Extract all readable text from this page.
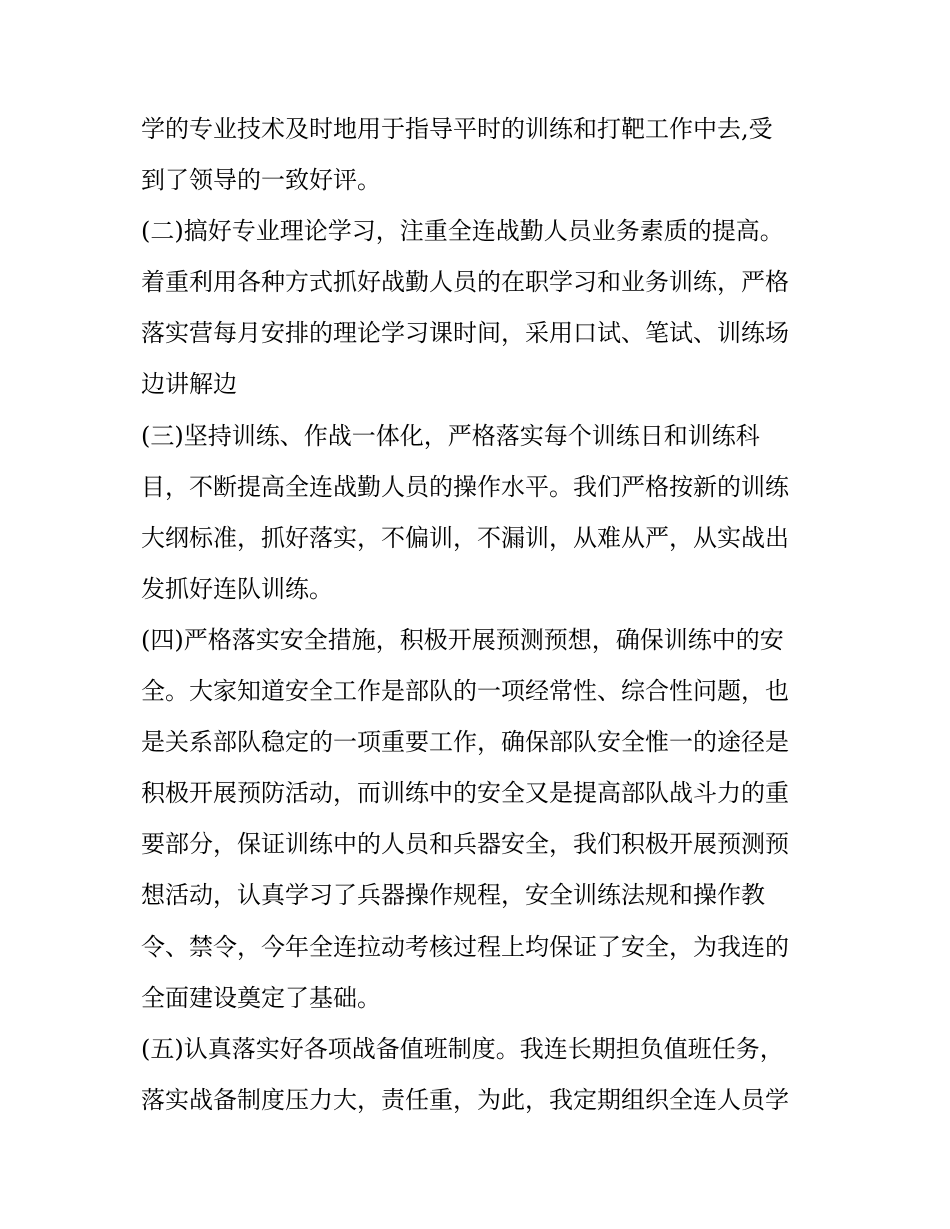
学的专业技术及时地用于指导平时的训练和打靶工作中去,受
到了领导的一致好评。
(二)搞好专业理论学习，注重全连战勤人员业务素质的提高。
着重利用各种方式抓好战勤人员的在职学习和业务训练，严格
落实营每月安排的理论学习课时间，采用口试、笔试、训练场
边讲解边
(三)坚持训练、作战一体化，严格落实每个训练日和训练科
目，不断提高全连战勤人员的操作水平。我们严格按新的训练
大纲标准，抓好落实，不偏训，不漏训，从难从严，从实战出
发抓好连队训练。
(四)严格落实安全措施，积极开展预测预想，确保训练中的安
全。大家知道安全工作是部队的一项经常性、综合性问题，也
是关系部队稳定的一项重要工作，确保部队安全惟一的途径是
积极开展预防活动，而训练中的安全又是提高部队战斗力的重
要部分，保证训练中的人员和兵器安全，我们积极开展预测预
想活动，认真学习了兵器操作规程，安全训练法规和操作教
令、禁令，今年全连拉动考核过程上均保证了安全，为我连的
全面建设奠定了基础。
(五)认真落实好各项战备值班制度。我连长期担负值班任务，
落实战备制度压力大，责任重，为此，我定期组织全连人员学
